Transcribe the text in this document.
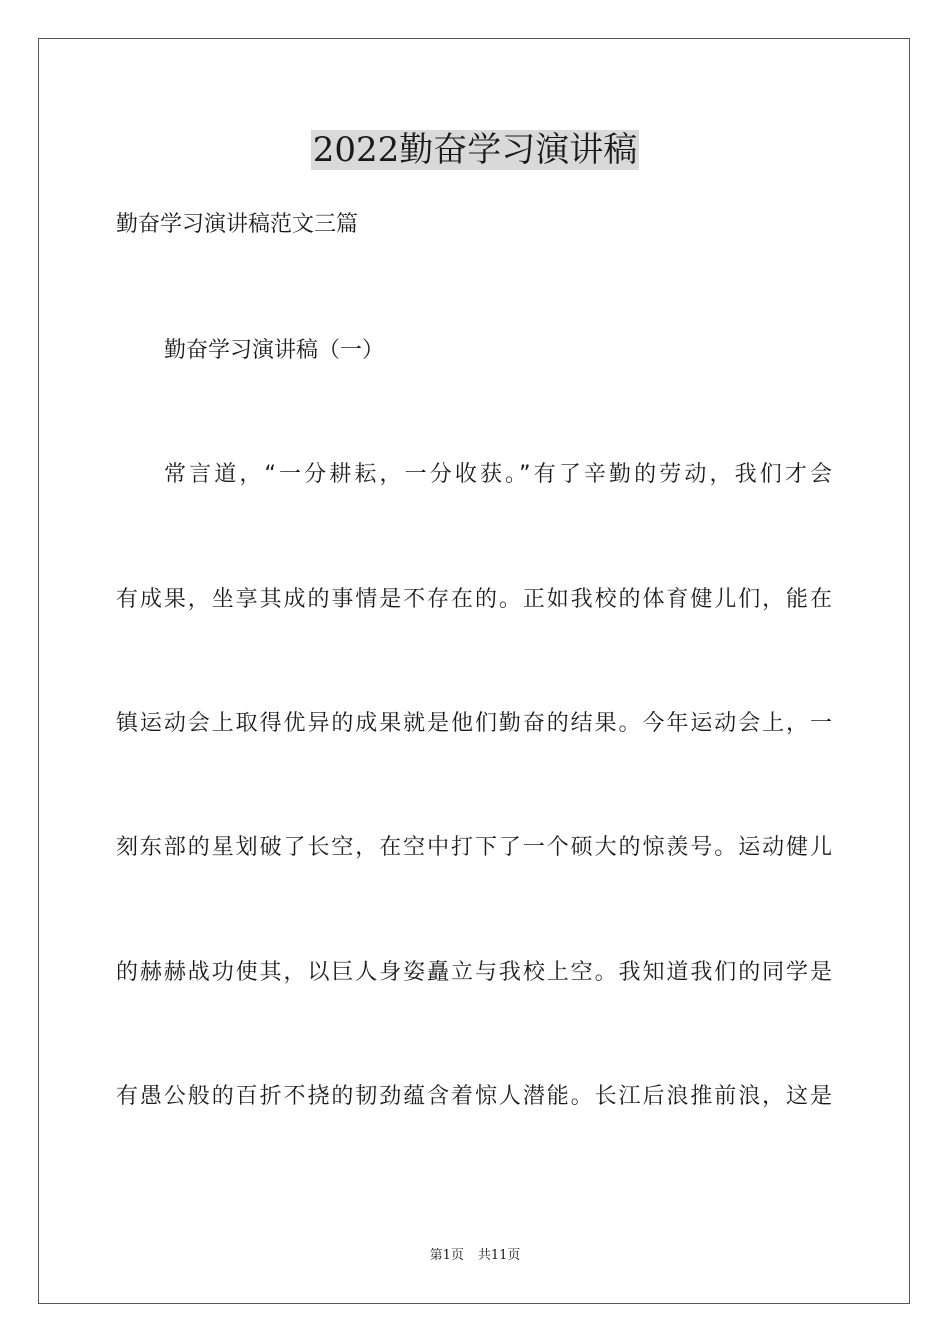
2022勤奋学习演讲稿
勤奋学习演讲稿范文三篇
勤奋学习演讲稿（一）
常言道，“一分耕耘，一分收获。”有了辛勤的劳动，我们才会
有成果，坐享其成的事情是不存在的。正如我校的体育健儿们，能在
镇运动会上取得优异的成果就是他们勤奋的结果。今年运动会上，一
刻东部的星划破了长空，在空中打下了一个硕大的惊羡号。运动健儿
的赫赫战功使其，以巨人身姿矗立与我校上空。我知道我们的同学是
有愚公般的百折不挠的韧劲蕴含着惊人潜能。长江后浪推前浪，这是
第1页 共11页
